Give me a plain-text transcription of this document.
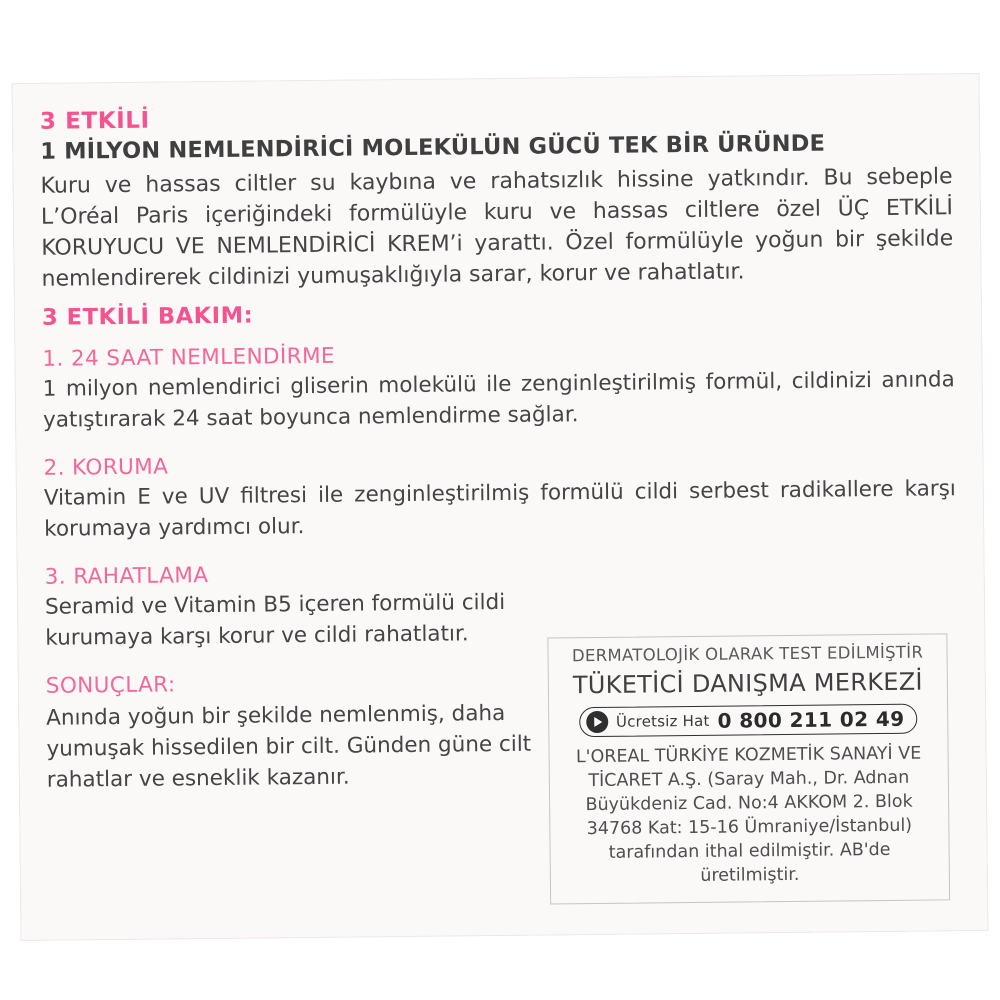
3 ETKİLİ
1 MİLYON NEMLENDİRİCİ MOLEKÜLÜN GÜCÜ TEK BİR ÜRÜNDE

Kuru ve hassas ciltler su kaybına ve rahatsızlık hissine yatkındır. Bu sebeple L’Oréal Paris içeriğindeki formülüyle kuru ve hassas ciltlere özel ÜÇ ETKİLİ KORUYUCU VE NEMLENDİRİCİ KREM’i yarattı. Özel formülüyle yoğun bir şekilde nemlendirerek cildinizi yumuşaklığıyla sarar, korur ve rahatlatır.

3 ETKİLİ BAKIM:
1. 24 SAAT NEMLENDİRME

1 milyon nemlendirici gliserin molekülü ile zenginleştirilmiş formül, cildinizi anında yatıştırarak 24 saat boyunca nemlendirme sağlar.

2. KORUMA

Vitamin E ve UV filtresi ile zenginleştirilmiş formülü cildi serbest radikallere karşı korumaya yardımcı olur.

3. RAHATLAMA

Seramid ve Vitamin B5 içeren formülü cildi kurumaya karşı korur ve cildi rahatlatır.

SONUÇLAR:

Anında yoğun bir şekilde nemlenmiş, daha yumuşak hissedilen bir cilt. Günden güne cilt rahatlar ve esneklik kazanır.

DERMATOLOJİK OLARAK TEST EDİLMİŞTİR
TÜKETİCİ DANIŞMA MERKEZİ
Ücretsiz Hat 0 800 211 02 49

L'OREAL TÜRKİYE KOZMETİK SANAYİ VE TİCARET A.Ş. (Saray Mah., Dr. Adnan Büyükdeniz Cad. No:4 AKKOM 2. Blok 34768 Kat: 15-16 Ümraniye/İstanbul) tarafından ithal edilmiştir. AB'de üretilmiştir.
